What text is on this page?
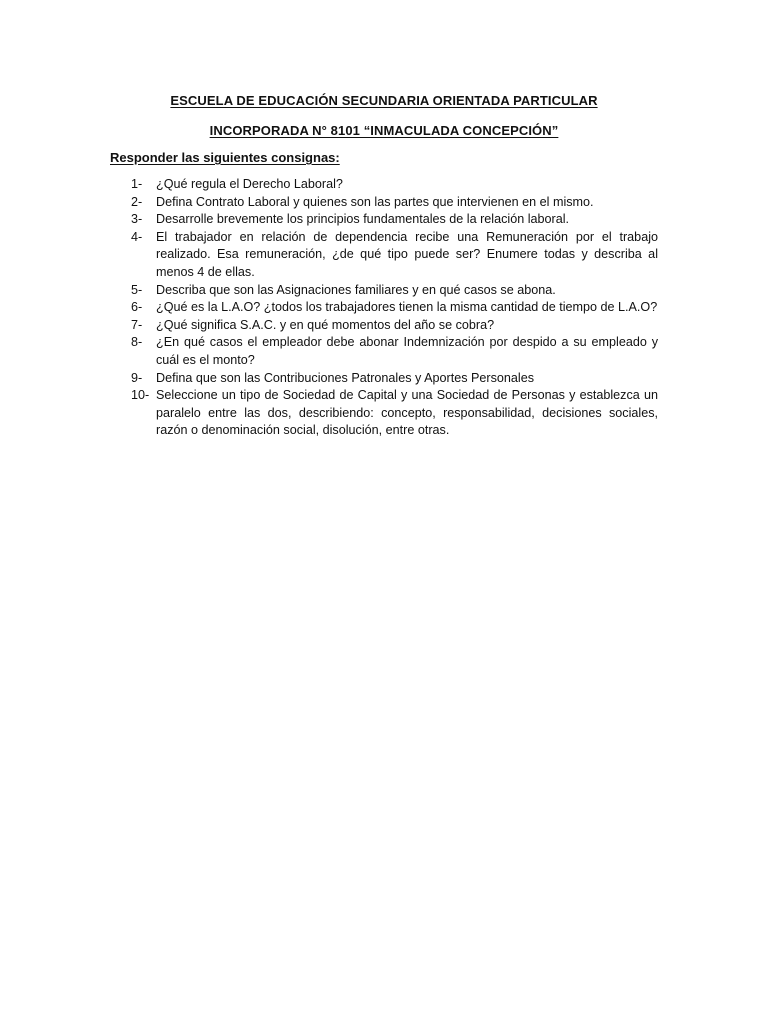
ESCUELA DE EDUCACIÓN SECUNDARIA ORIENTADA PARTICULAR
INCORPORADA N° 8101 “INMACULADA CONCEPCIÓN”
Responder las siguientes consignas:
1- ¿Qué regula el Derecho Laboral?
2- Defina Contrato Laboral y quienes son las partes que intervienen en el mismo.
3- Desarrolle brevemente los principios fundamentales de la relación laboral.
4- El trabajador en relación de dependencia recibe una Remuneración por el trabajo realizado. Esa remuneración, ¿de qué tipo puede ser? Enumere todas y describa al menos 4 de ellas.
5- Describa que son las Asignaciones familiares y en qué casos se abona.
6- ¿Qué es la L.A.O? ¿todos los trabajadores tienen la misma cantidad de tiempo de L.A.O?
7- ¿Qué significa S.A.C. y en qué momentos del año se cobra?
8- ¿En qué casos el empleador debe abonar Indemnización por despido a su empleado y cuál es el monto?
9- Defina que son las Contribuciones Patronales y Aportes Personales
10- Seleccione un tipo de Sociedad de Capital y una Sociedad de Personas y establezca un paralelo entre las dos, describiendo: concepto, responsabilidad, decisiones sociales, razón o denominación social, disolución, entre otras.
